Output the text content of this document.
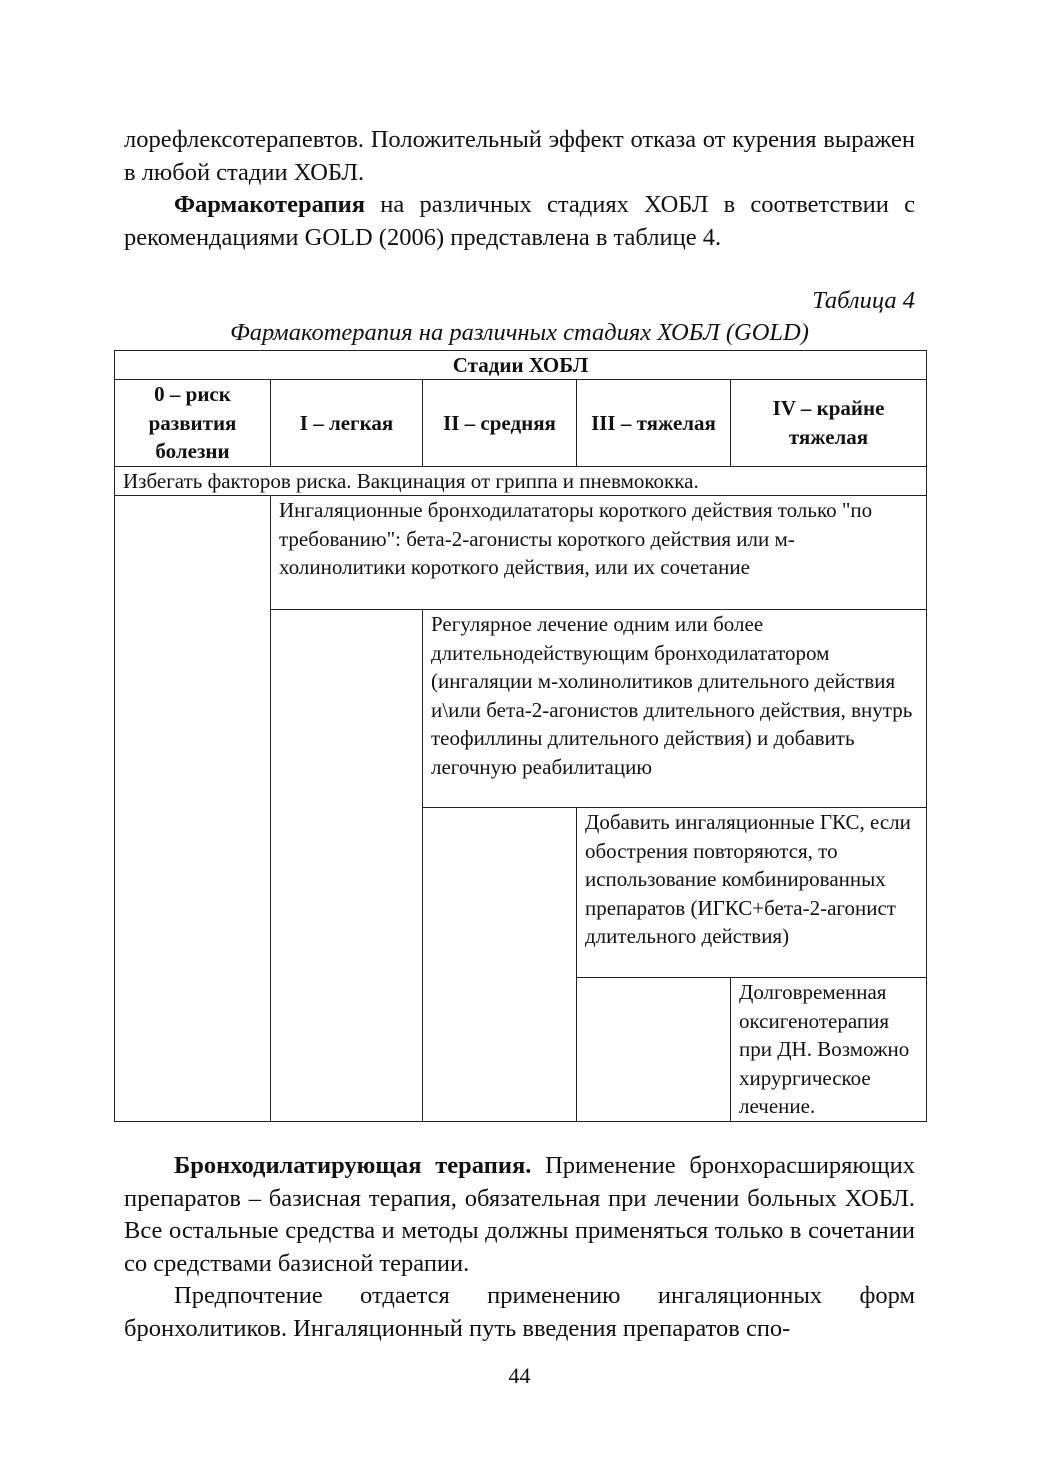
лорефлексотерапевтов. Положительный эффект отказа от курения выражен в любой стадии ХОБЛ.

Фармакотерапия на различных стадиях ХОБЛ в соответствии с рекомендациями GOLD (2006) представлена в таблице 4.

Таблица 4
Фармакотерапия на различных стадиях ХОБЛ (GOLD)
Стадии ХОБЛ				
0 – риск развития болезни	I – легкая	II – средняя	III – тяжелая	IV – крайне тяжелая
Избегать факторов риска. Вакцинация от гриппа и пневмококка.				
	Ингаляционные бронходилататоры короткого действия только "по требованию": бета-2-агонисты короткого действия или м-холинолитики короткого действия, или их сочетание			
		Регулярное лечение одним или более длительнодействующим бронходилататором (ингаляции м-холинолитиков длительного действия и\или бета-2-агонистов длительного действия, внутрь теофиллины длительного действия) и добавить легочную реабилитацию		
			Добавить ингаляционные ГКС, если обострения повторяются, то использование комбинированных препаратов (ИГКС+бета-2-агонист длительного действия)	
				Долговременная оксигенотерапия при ДН. Возможно хирургическое лечение.

Бронходилатирующая терапия. Применение бронхорасширяющих препаратов – базисная терапия, обязательная при лечении больных ХОБЛ. Все остальные средства и методы должны применяться только в сочетании со средствами базисной терапии.

Предпочтение отдается применению ингаляционных форм бронхолитиков. Ингаляционный путь введения препаратов спо-

44
